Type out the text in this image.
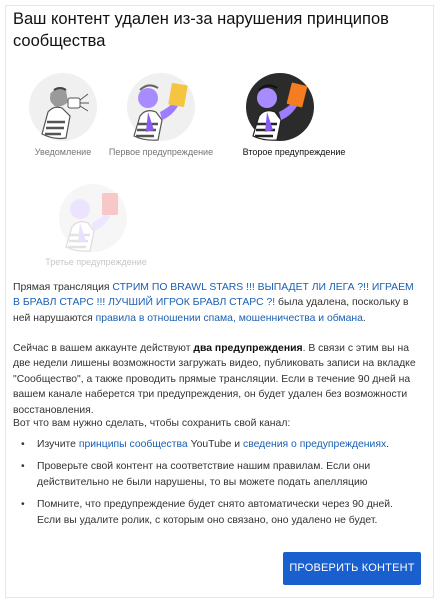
Ваш контент удален из-за нарушения принципов сообщества
Уведомление	Первое предупреждение	Второе предупреждение
Третье предупреждение
Прямая трансляция СТРИМ ПО BRAWL STARS !!! ВЫПАДЕТ ЛИ ЛЕГА ?!! ИГРАЕМ В БРАВЛ СТАРС !!! ЛУЧШИЙ ИГРОК БРАВЛ СТАРС ?! была удалена, поскольку в ней нарушаются правила в отношении спама, мошенничества и обмана.
Сейчас в вашем аккаунте действуют два предупреждения. В связи с этим вы на две недели лишены возможности загружать видео, публиковать записи на вкладке "Сообщество", а также проводить прямые трансляции. Если в течение 90 дней на вашем канале наберется три предупреждения, он будет удален без возможности восстановления.
Вот что вам нужно сделать, чтобы сохранить свой канал:
• Изучите принципы сообщества YouTube и сведения о предупреждениях.
• Проверьте свой контент на соответствие нашим правилам. Если они действительно не были нарушены, то вы можете подать апелляцию
• Помните, что предупреждение будет снято автоматически через 90 дней. Если вы удалите ролик, с которым оно связано, оно удалено не будет.
ПРОВЕРИТЬ КОНТЕНТ
